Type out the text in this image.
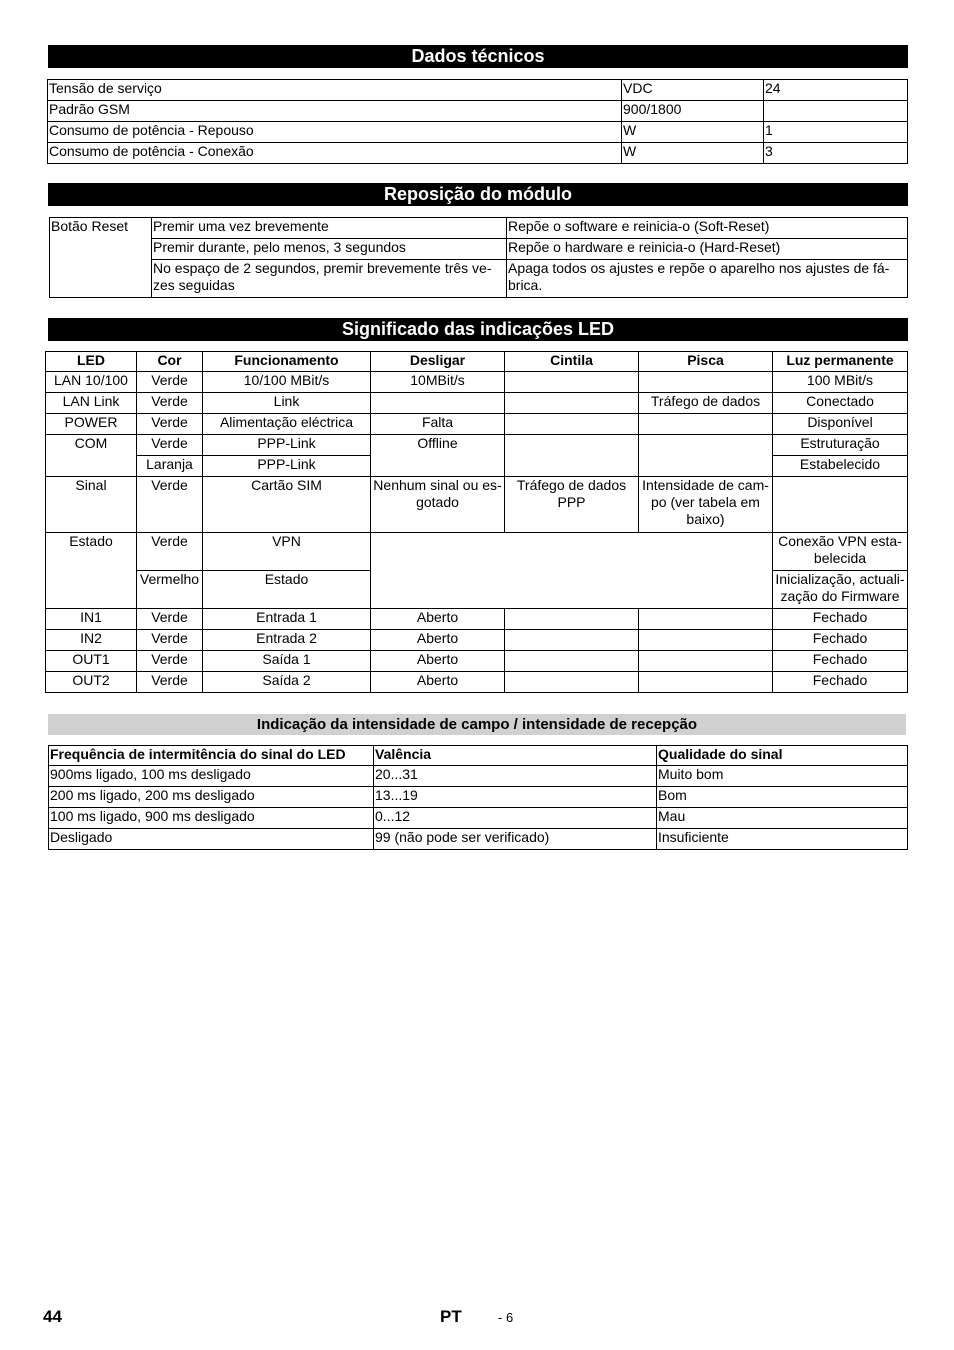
Dados técnicos
Tensão de serviço	VDC	24
Padrão GSM	900/1800	
Consumo de potência - Repouso	W	1
Consumo de potência - Conexão	W	3
Reposição do módulo
Botão Reset	Premir uma vez brevemente	Repõe o software e reinicia-o (Soft-Reset)
	Premir durante, pelo menos, 3 segundos	Repõe o hardware e reinicia-o (Hard-Reset)
	No espaço de 2 segundos, premir brevemente três ve-zes seguidas	Apaga todos os ajustes e repõe o aparelho nos ajustes de fá-brica.
Significado das indicações LED
LED	Cor	Funcionamento	Desligar	Cintila	Pisca	Luz permanente
LAN 10/100	Verde	10/100 MBit/s	10MBit/s			100 MBit/s
LAN Link	Verde	Link			Tráfego de dados	Conectado
POWER	Verde	Alimentação eléctrica	Falta			Disponível
COM	Verde	PPP-Link	Offline			Estruturação
	Laranja	PPP-Link				Estabelecido
Sinal	Verde	Cartão SIM	Nenhum sinal ou es-gotado	Tráfego de dados PPP	Intensidade de cam-po (ver tabela em baixo)	
Estado	Verde	VPN				Conexão VPN esta-belecida
	Vermelho	Estado				Inicialização, actuali-zação do Firmware
IN1	Verde	Entrada 1	Aberto			Fechado
IN2	Verde	Entrada 2	Aberto			Fechado
OUT1	Verde	Saída 1	Aberto			Fechado
OUT2	Verde	Saída 2	Aberto			Fechado
Indicação da intensidade de campo / intensidade de recepção
Frequência de intermitência do sinal do LED	Valência	Qualidade do sinal
900ms ligado, 100 ms desligado	20...31	Muito bom
200 ms ligado, 200 ms desligado	13...19	Bom
100 ms ligado, 900 ms desligado	0...12	Mau
Desligado	99 (não pode ser verificado)	Insuficiente
44	PT	- 6
